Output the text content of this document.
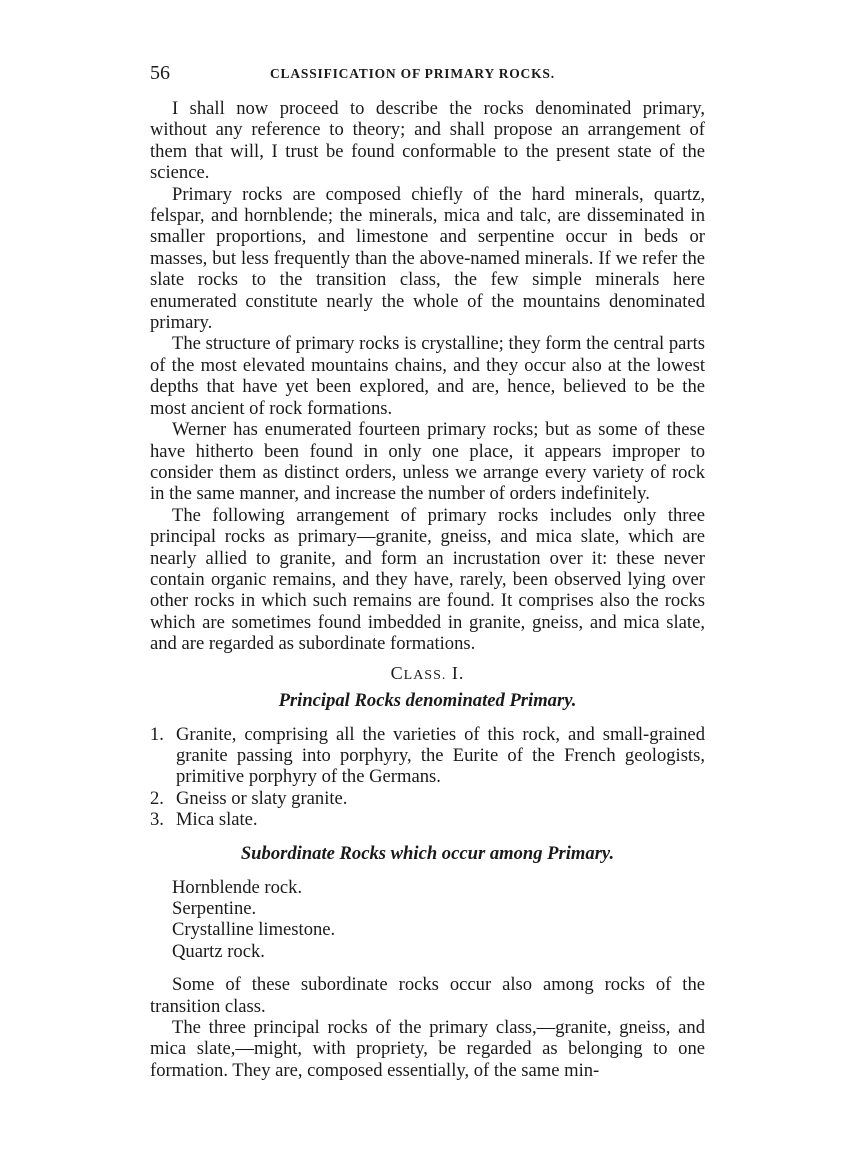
56	CLASSIFICATION OF PRIMARY ROCKS.

I shall now proceed to describe the rocks denominated primary, without any reference to theory; and shall propose an arrangement of them that will, I trust be found conformable to the present state of the science.

Primary rocks are composed chiefly of the hard minerals, quartz, felspar, and hornblende; the minerals, mica and talc, are disseminated in smaller proportions, and limestone and serpentine occur in beds or masses, but less frequently than the above-named minerals. If we refer the slate rocks to the transition class, the few simple minerals here enumerated constitute nearly the whole of the mountains denominated primary.

The structure of primary rocks is crystalline; they form the central parts of the most elevated mountains chains, and they occur also at the lowest depths that have yet been explored, and are, hence, believed to be the most ancient of rock formations.

Werner has enumerated fourteen primary rocks; but as some of these have hitherto been found in only one place, it appears improper to consider them as distinct orders, unless we arrange every variety of rock in the same manner, and increase the number of orders indefinitely.

The following arrangement of primary rocks includes only three principal rocks as primary—granite, gneiss, and mica slate, which are nearly allied to granite, and form an incrustation over it: these never contain organic remains, and they have, rarely, been observed lying over other rocks in which such remains are found. It comprises also the rocks which are sometimes found imbedded in granite, gneiss, and mica slate, and are regarded as subordinate formations.

CLASS. I.
Principal Rocks denominated Primary.
1. Granite, comprising all the varieties of this rock, and small-grained granite passing into porphyry, the Eurite of the French geologists, primitive porphyry of the Germans.
2. Gneiss or slaty granite.
3. Mica slate.
Subordinate Rocks which occur among Primary.

Hornblende rock.

Serpentine.

Crystalline limestone.

Quartz rock.

Some of these subordinate rocks occur also among rocks of the transition class.

The three principal rocks of the primary class,—granite, gneiss, and mica slate,—might, with propriety, be regarded as belonging to one formation. They are, composed essentially, of the same min-
